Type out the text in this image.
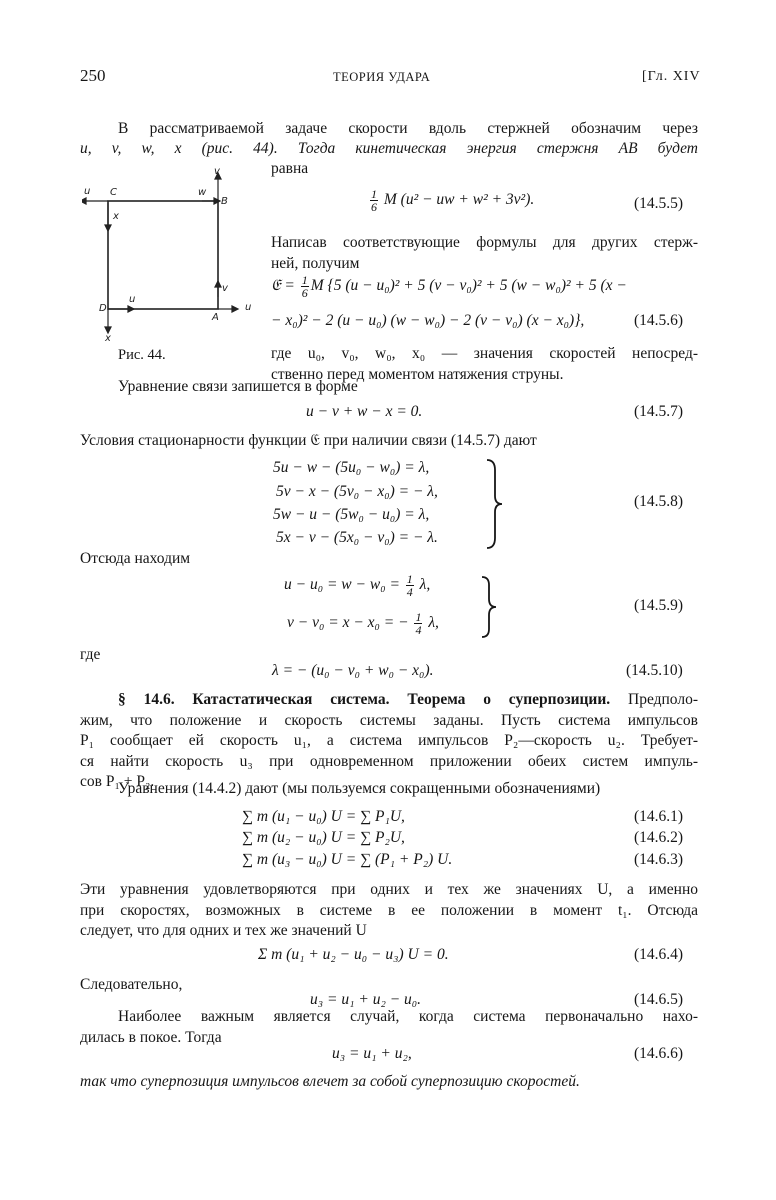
250	ТЕОРИЯ УДАРА	[Гл. XIV
В рассматриваемой задаче скорости вдоль стержней обозначим через
u, v, w, x (рис. 44). Тогда кинетическая энергия стержня AB будет
равна
u C	w
v
B
x
v
D
u
A
u
x
Рис. 44.
$\frac{1}{6}$ M (u² − uw + w² + 3v²).	(14.5.5)
Написав соответствующие формулы для других стерж-
ней, получим
𝔈 = $\frac{1}{6}$ M {5 (u − u₀)² + 5 (v − v₀)² + 5 (w − w₀)² + 5 (x −
− x₀)² − 2 (u − u₀) (w − w₀) − 2 (v − v₀) (x − x₀)},	(14.5.6)
где u₀, v₀, w₀, x₀ — значения скоростей непосред-
ственно перед моментом натяжения струны.
Уравнение связи запишется в форме
u − v + w − x = 0.	(14.5.7)
Условия стационарности функции 𝔈 при наличии связи (14.5.7) дают
5u − w − (5u₀ − w₀) = λ,
5v − x − (5v₀ − x₀) = − λ,
5w − u − (5w₀ − u₀) = λ,
5x − v − (5x₀ − v₀) = − λ.
(14.5.8)
Отсюда находим
$u - u_0 = w - w_0 = \frac{1}{4} \lambda$,
v − v₀ = x − x₀ = − $\frac{1}{4} \lambda$,
(14.5.9)
где
λ = − (u₀ − v₀ + w₀ − x₀).	(14.5.10)
§ 14.6. Катастатическая система. Теорема о суперпозиции. Предполо-
жим, что положение и скорость системы заданы. Пусть система импульсов
P₁ сообщает ей скорость u₁, а система импульсов P₂—скорость u₂. Требует-
ся найти скорость u₃ при одновременном приложении обеих систем импуль-
сов P₁ + P₂.
Уравнения (14.4.2) дают (мы пользуемся сокращенными обозначениями)
∑ m (u₁ − u₀) U = ∑ P₁U,	(14.6.1)
∑ m (u₂ − u₀) U = ∑ P₂U,	(14.6.2)
∑ m (u₃ − u₀) U = ∑ (P₁ + P₂) U.	(14.6.3)
Эти уравнения удовлетворяются при одних и тех же значениях U, а именно
при скоростях, возможных в системе в ее положении в момент t₁. Отсюда
следует, что для одних и тех же значений U
Σ m (u₁ + u₂ − u₀ − u₃) U = 0.	(14.6.4)
Следовательно,
u₃ = u₁ + u₂ − u₀.	(14.6.5)
Наиболее важным является случай, когда система первоначально нахо-
дилась в покое. Тогда
u₃ = u₁ + u₂,	(14.6.6)
так что суперпозиция импульсов влечет за собой суперпозицию скоростей.
